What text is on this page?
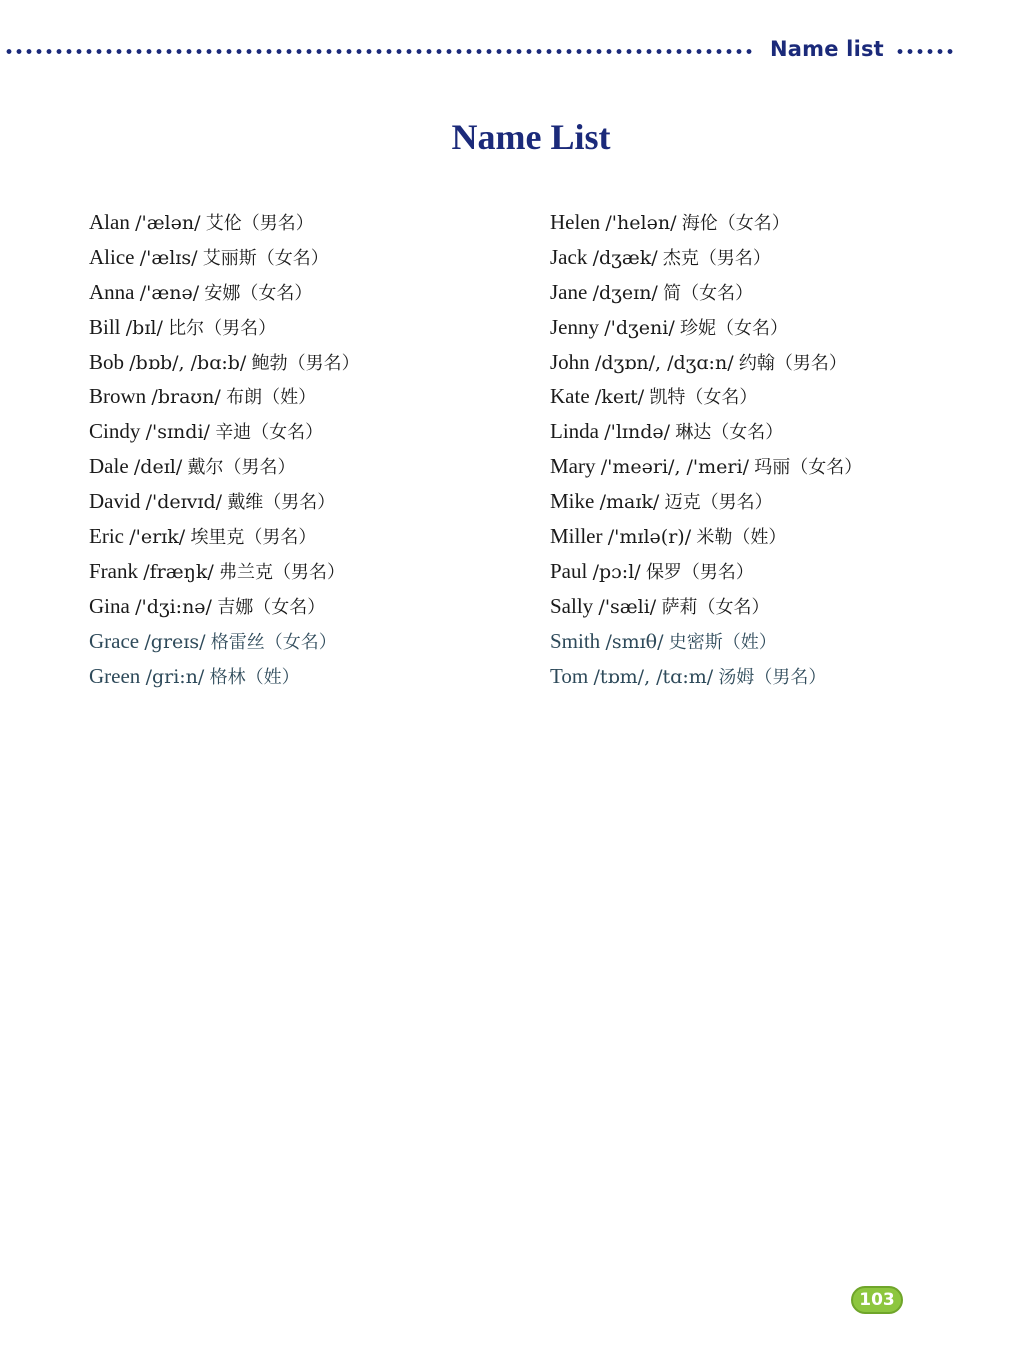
Name list
Name List
Alan /'ælən/ 艾伦（男名）
Alice /'ælɪs/ 艾丽斯（女名）
Anna /'ænə/ 安娜（女名）
Bill /bɪl/ 比尔（男名）
Bob /bɒb/, /bɑ:b/ 鲍勃（男名）
Brown /braʊn/ 布朗（姓）
Cindy /'sɪndi/ 辛迪（女名）
Dale /deɪl/ 戴尔（男名）
David /'deɪvɪd/ 戴维（男名）
Eric /'erɪk/ 埃里克（男名）
Frank /fræŋk/ 弗兰克（男名）
Gina /'dʒi:nə/ 吉娜（女名）
Grace /greɪs/ 格雷丝（女名）
Green /gri:n/ 格林（姓）
Helen /'helən/ 海伦（女名）
Jack /dʒæk/ 杰克（男名）
Jane /dʒeɪn/ 简（女名）
Jenny /'dʒeni/ 珍妮（女名）
John /dʒɒn/, /dʒɑ:n/ 约翰（男名）
Kate /keɪt/ 凯特（女名）
Linda /'lɪndə/ 琳达（女名）
Mary /'meəri/, /'meri/ 玛丽（女名）
Mike /maɪk/ 迈克（男名）
Miller /'mɪlə(r)/ 米勒（姓）
Paul /pɔ:l/ 保罗（男名）
Sally /'sæli/ 萨莉（女名）
Smith /smɪθ/ 史密斯（姓）
Tom /tɒm/, /tɑ:m/ 汤姆（男名）
103
